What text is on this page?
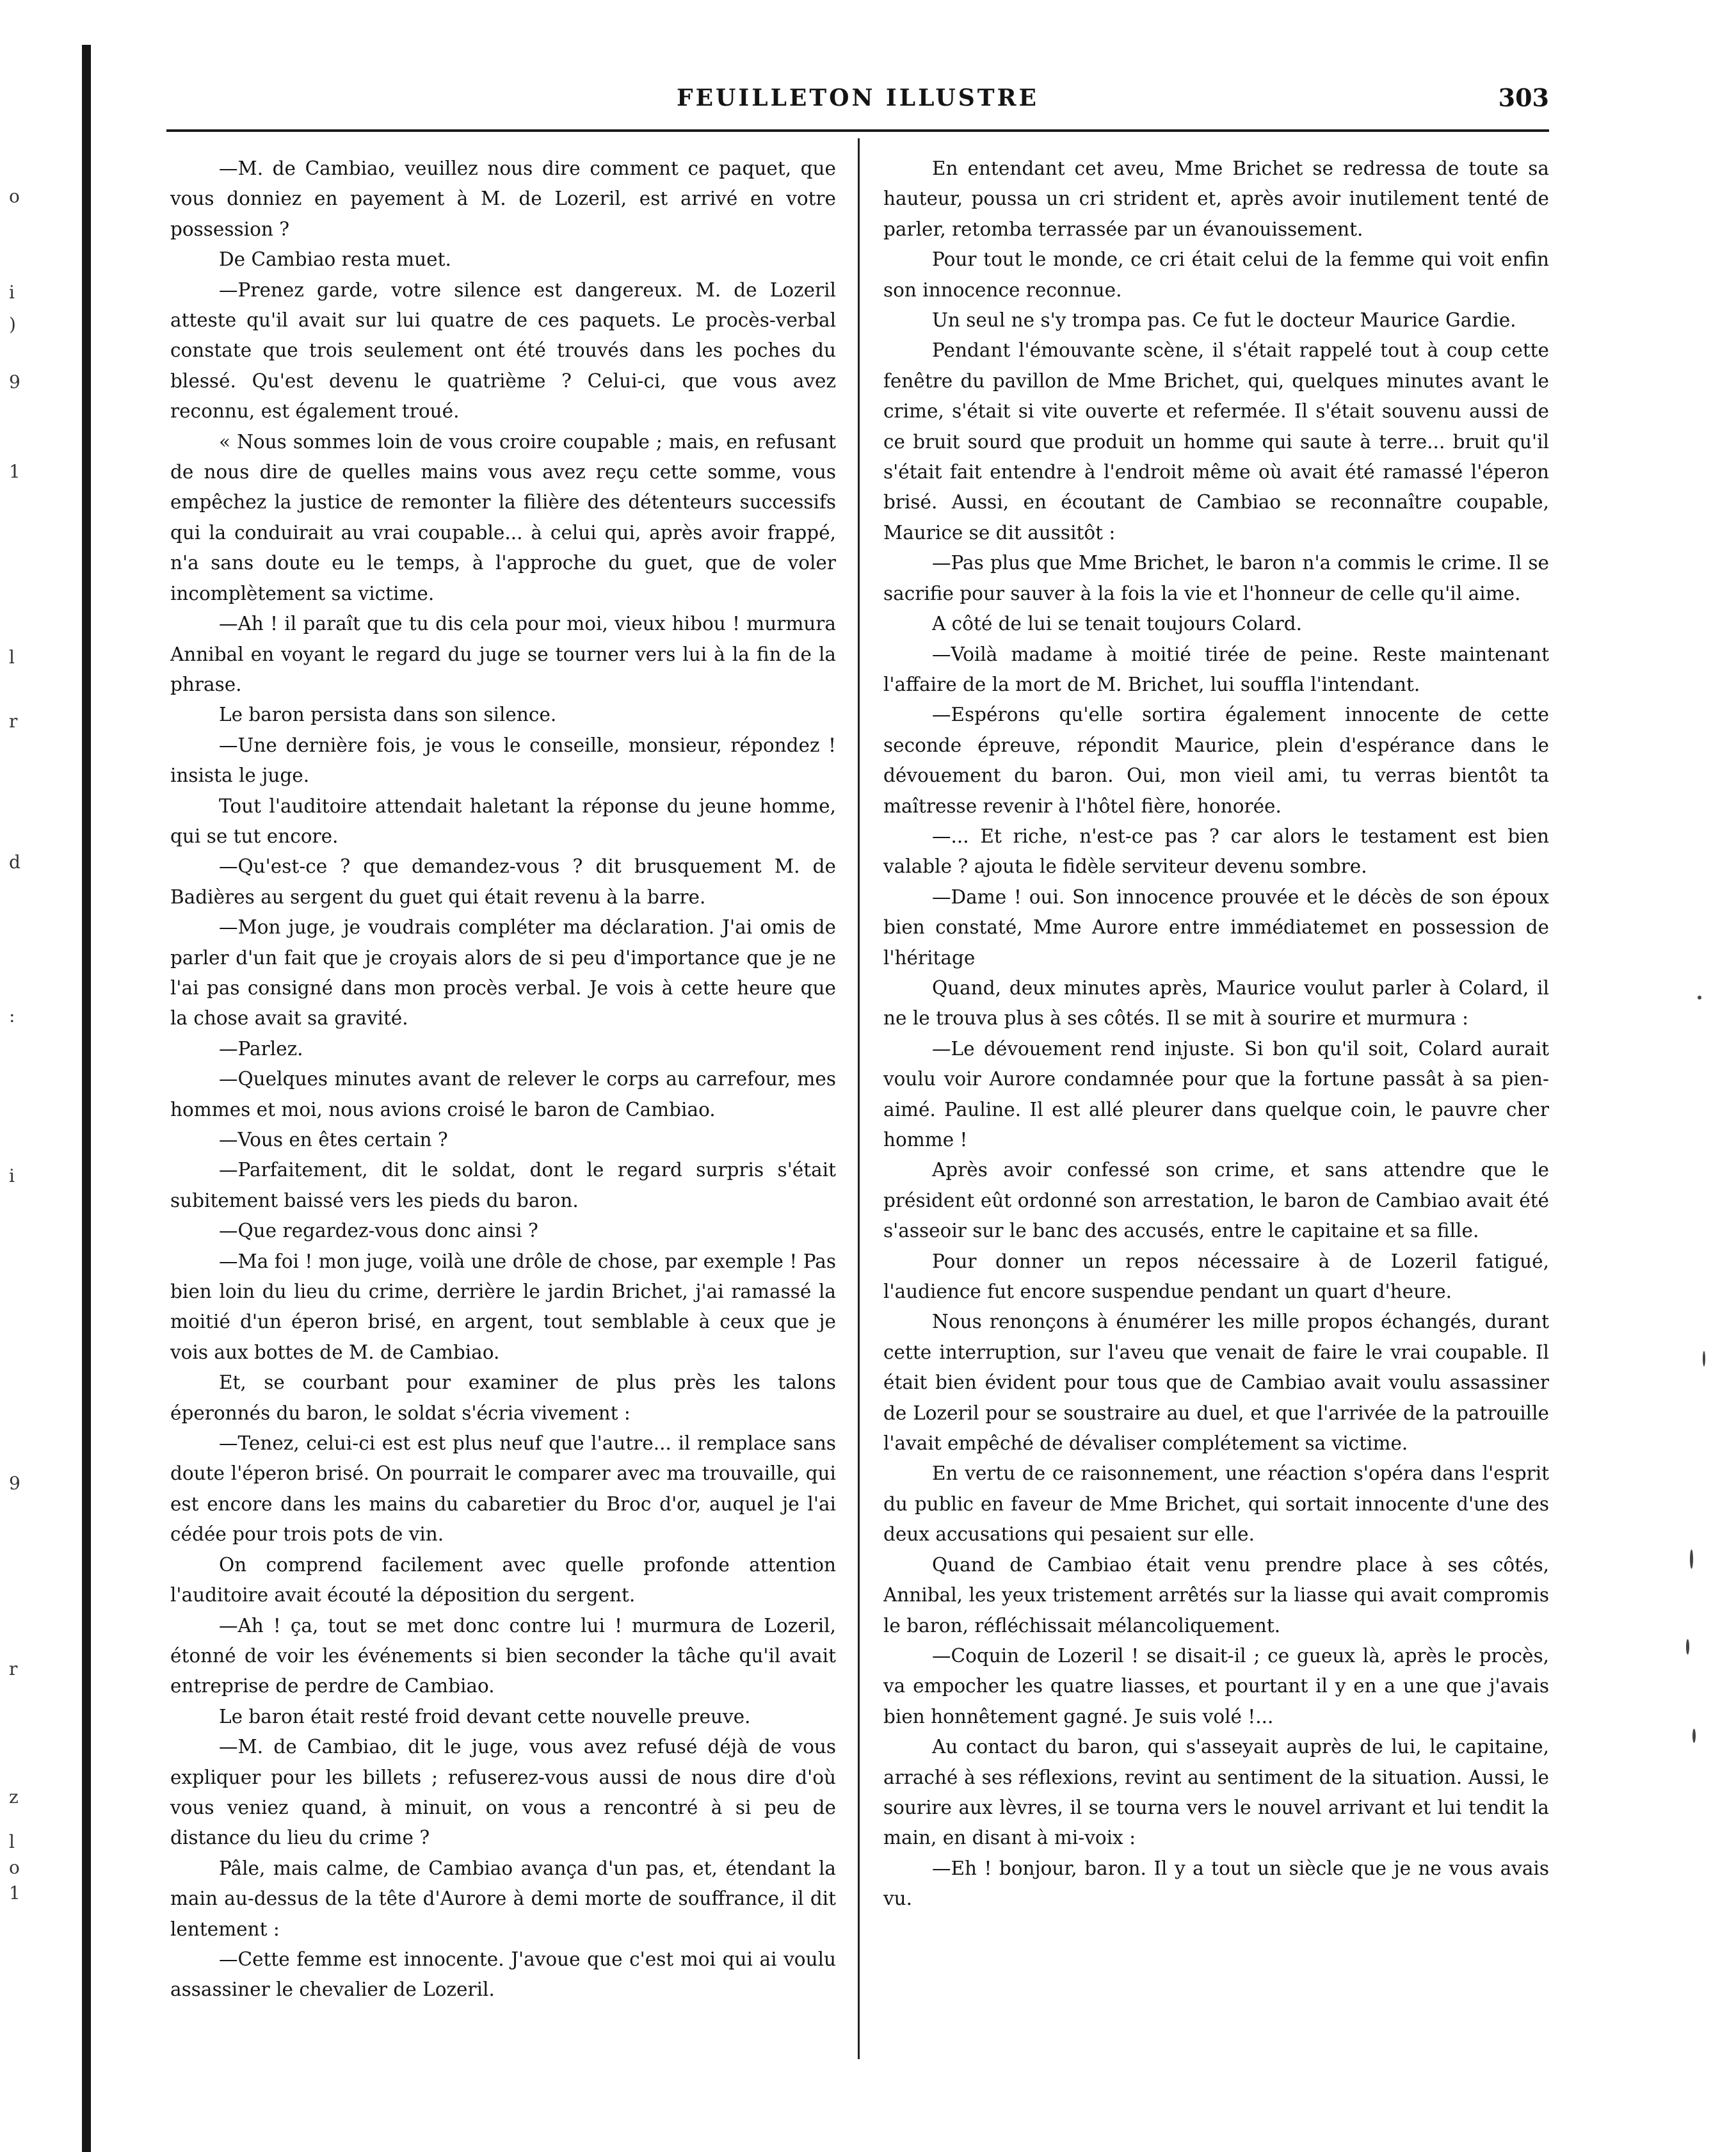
o
i
)
9
1
:
l
i
r
d
z
l
o
1
9
r
FEUILLETON ILLUSTRE	303

—M. de Cambiao, veuillez nous dire comment ce paquet, que vous donniez en payement à M. de Lozeril, est arrivé en votre possession ?

De Cambiao resta muet.

—Prenez garde, votre silence est dangereux. M. de Lozeril atteste qu'il avait sur lui quatre de ces paquets. Le procès-verbal constate que trois seulement ont été trouvés dans les poches du blessé. Qu'est devenu le quatrième ? Celui-ci, que vous avez reconnu, est également troué.

« Nous sommes loin de vous croire coupable ; mais, en refusant de nous dire de quelles mains vous avez reçu cette somme, vous empêchez la justice de remonter la filière des détenteurs successifs qui la conduirait au vrai coupable... à celui qui, après avoir frappé, n'a sans doute eu le temps, à l'approche du guet, que de voler incomplètement sa victime.

—Ah ! il paraît que tu dis cela pour moi, vieux hibou ! murmura Annibal en voyant le regard du juge se tourner vers lui à la fin de la phrase.

Le baron persista dans son silence.

—Une dernière fois, je vous le conseille, monsieur, répondez ! insista le juge.

Tout l'auditoire attendait haletant la réponse du jeune homme, qui se tut encore.

—Qu'est-ce ? que demandez-vous ? dit brusquement M. de Badières au sergent du guet qui était revenu à la barre.

—Mon juge, je voudrais compléter ma déclaration. J'ai omis de parler d'un fait que je croyais alors de si peu d'importance que je ne l'ai pas consigné dans mon procès verbal. Je vois à cette heure que la chose avait sa gravité.

—Parlez.

—Quelques minutes avant de relever le corps au carrefour, mes hommes et moi, nous avions croisé le baron de Cambiao.

—Vous en êtes certain ?

—Parfaitement, dit le soldat, dont le regard surpris s'était subitement baissé vers les pieds du baron.

—Que regardez-vous donc ainsi ?

—Ma foi ! mon juge, voilà une drôle de chose, par exemple ! Pas bien loin du lieu du crime, derrière le jardin Brichet, j'ai ramassé la moitié d'un éperon brisé, en argent, tout semblable à ceux que je vois aux bottes de M. de Cambiao.

Et, se courbant pour examiner de plus près les talons éperonnés du baron, le soldat s'écria vivement :

—Tenez, celui-ci est est plus neuf que l'autre... il remplace sans doute l'éperon brisé. On pourrait le comparer avec ma trouvaille, qui est encore dans les mains du cabaretier du Broc d'or, auquel je l'ai cédée pour trois pots de vin.

On comprend facilement avec quelle profonde attention l'auditoire avait écouté la déposition du sergent.

—Ah ! ça, tout se met donc contre lui ! murmura de Lozeril, étonné de voir les événements si bien seconder la tâche qu'il avait entreprise de perdre de Cambiao.

Le baron était resté froid devant cette nouvelle preuve.

—M. de Cambiao, dit le juge, vous avez refusé déjà de vous expliquer pour les billets ; refuserez-vous aussi de nous dire d'où vous veniez quand, à minuit, on vous a rencontré à si peu de distance du lieu du crime ?

Pâle, mais calme, de Cambiao avança d'un pas, et, étendant la main au-dessus de la tête d'Aurore à demi morte de souffrance, il dit lentement :

—Cette femme est innocente. J'avoue que c'est moi qui ai voulu assassiner le chevalier de Lozeril.

En entendant cet aveu, Mme Brichet se redressa de toute sa hauteur, poussa un cri strident et, après avoir inutilement tenté de parler, retomba terrassée par un évanouissement.

Pour tout le monde, ce cri était celui de la femme qui voit enfin son innocence reconnue.

Un seul ne s'y trompa pas. Ce fut le docteur Maurice Gardie.

Pendant l'émouvante scène, il s'était rappelé tout à coup cette fenêtre du pavillon de Mme Brichet, qui, quelques minutes avant le crime, s'était si vite ouverte et refermée. Il s'était souvenu aussi de ce bruit sourd que produit un homme qui saute à terre... bruit qu'il s'était fait entendre à l'endroit même où avait été ramassé l'éperon brisé. Aussi, en écoutant de Cambiao se reconnaître coupable, Maurice se dit aussitôt :

—Pas plus que Mme Brichet, le baron n'a commis le crime. Il se sacrifie pour sauver à la fois la vie et l'honneur de celle qu'il aime.

A côté de lui se tenait toujours Colard.

—Voilà madame à moitié tirée de peine. Reste maintenant l'affaire de la mort de M. Brichet, lui souffla l'intendant.

—Espérons qu'elle sortira également innocente de cette seconde épreuve, répondit Maurice, plein d'espérance dans le dévouement du baron. Oui, mon vieil ami, tu verras bientôt ta maîtresse revenir à l'hôtel fière, honorée.

—... Et riche, n'est-ce pas ? car alors le testament est bien valable ? ajouta le fidèle serviteur devenu sombre.

—Dame ! oui. Son innocence prouvée et le décès de son époux bien constaté, Mme Aurore entre immédiatemet en possession de l'héritage

Quand, deux minutes après, Maurice voulut parler à Colard, il ne le trouva plus à ses côtés. Il se mit à sourire et murmura :

—Le dévouement rend injuste. Si bon qu'il soit, Colard aurait voulu voir Aurore condamnée pour que la fortune passât à sa pien-aimé. Pauline. Il est allé pleurer dans quelque coin, le pauvre cher homme !

Après avoir confessé son crime, et sans attendre que le président eût ordonné son arrestation, le baron de Cambiao avait été s'asseoir sur le banc des accusés, entre le capitaine et sa fille.

Pour donner un repos nécessaire à de Lozeril fatigué, l'audience fut encore suspendue pendant un quart d'heure.

Nous renonçons à énumérer les mille propos échangés, durant cette interruption, sur l'aveu que venait de faire le vrai coupable. Il était bien évident pour tous que de Cambiao avait voulu assassiner de Lozeril pour se soustraire au duel, et que l'arrivée de la patrouille l'avait empêché de dévaliser complétement sa victime.

En vertu de ce raisonnement, une réaction s'opéra dans l'esprit du public en faveur de Mme Brichet, qui sortait innocente d'une des deux accusations qui pesaient sur elle.

Quand de Cambiao était venu prendre place à ses côtés, Annibal, les yeux tristement arrêtés sur la liasse qui avait compromis le baron, réfléchissait mélancoliquement.

—Coquin de Lozeril ! se disait-il ; ce gueux là, après le procès, va empocher les quatre liasses, et pourtant il y en a une que j'avais bien honnêtement gagné. Je suis volé !...

Au contact du baron, qui s'asseyait auprès de lui, le capitaine, arraché à ses réflexions, revint au sentiment de la situation. Aussi, le sourire aux lèvres, il se tourna vers le nouvel arrivant et lui tendit la main, en disant à mi-voix :

—Eh ! bonjour, baron. Il y a tout un siècle que je ne vous avais vu.
